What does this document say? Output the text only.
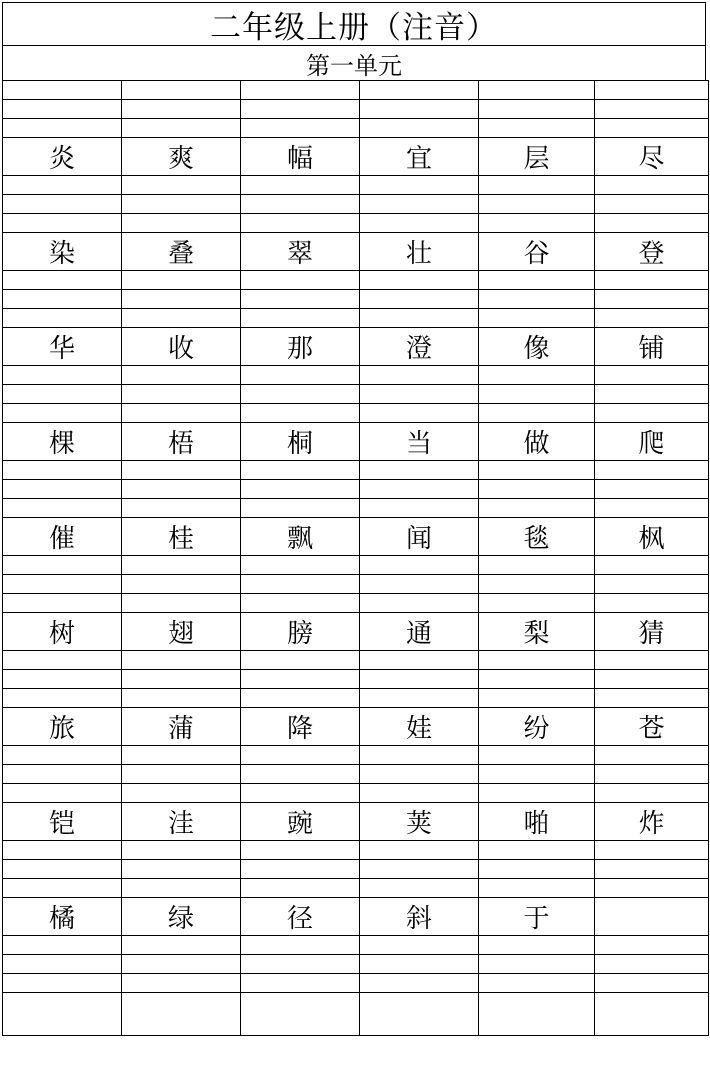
二年级上册（注音）
第一单元

炎	爽	幅	宜	层	尽

染	叠	翠	壮	谷	登

华	收	那	澄	像	铺

棵	梧	桐	当	做	爬

催	桂	飘	闻	毯	枫

树	翅	膀	通	梨	猜

旅	蒲	降	娃	纷	苍

铠	洼	豌	荚	啪	炸

橘	绿	径	斜	于	
